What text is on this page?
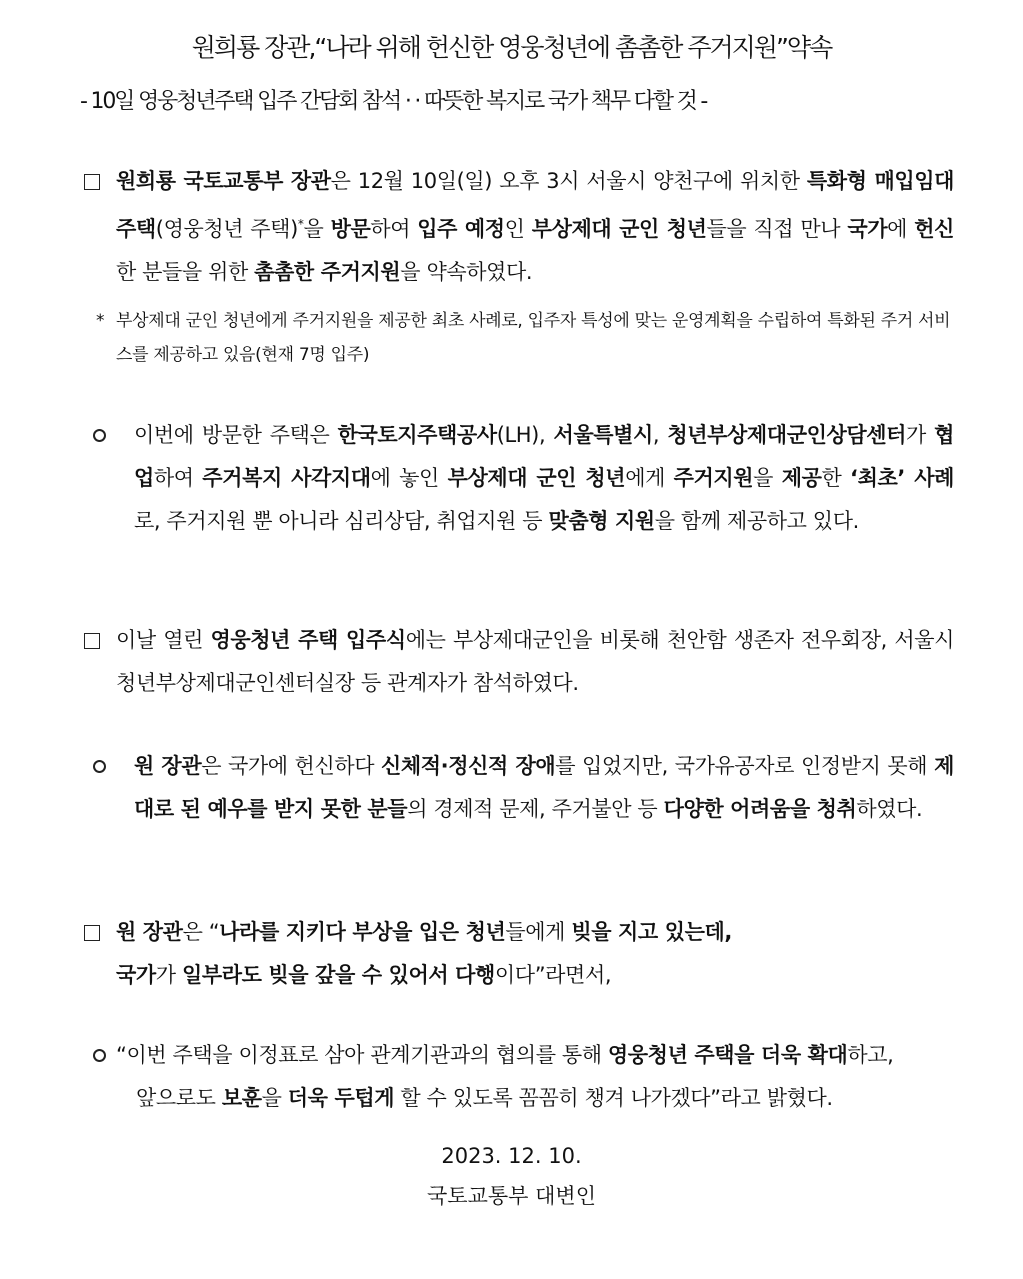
원희룡 장관,“나라 위해 헌신한 영웅청년에 촘촘한 주거지원”약속

- 10일 영웅청년주택 입주 간담회 참석 · · 따뜻한 복지로 국가 책무 다할 것 -

원희룡 국토교통부 장관은 12월 10일(일) 오후 3시 서울시 양천구에 위치한 특화형 매입임대주택(영웅청년 주택)*을 방문하여 입주 예정인 부상제대 군인 청년들을 직접 만나 국가에 헌신한 분들을 위한 촘촘한 주거지원을 약속하였다.

* 부상제대 군인 청년에게 주거지원을 제공한 최초 사례로, 입주자 특성에 맞는 운영계획을 수립하여 특화된 주거 서비스를 제공하고 있음(현재 7명 입주)

이번에 방문한 주택은 한국토지주택공사(LH), 서울특별시, 청년부상제대군인상담센터가 협업하여 주거복지 사각지대에 놓인 부상제대 군인 청년에게 주거지원을 제공한 ‘최초’ 사례로, 주거지원 뿐 아니라 심리상담, 취업지원 등 맞춤형 지원을 함께 제공하고 있다.

이날 열린 영웅청년 주택 입주식에는 부상제대군인을 비롯해 천안함 생존자 전우회장, 서울시 청년부상제대군인센터실장 등 관계자가 참석하였다.

원 장관은 국가에 헌신하다 신체적·정신적 장애를 입었지만, 국가유공자로 인정받지 못해 제대로 된 예우를 받지 못한 분들의 경제적 문제, 주거불안 등 다양한 어려움을 청취하였다.

원 장관은 “나라를 지키다 부상을 입은 청년들에게 빚을 지고 있는데,
국가가 일부라도 빚을 갚을 수 있어서 다행이다”라면서,

“이번 주택을 이정표로 삼아 관계기관과의 협의를 통해 영웅청년 주택을 더욱 확대하고,
앞으로도 보훈을 더욱 두텁게 할 수 있도록 꼼꼼히 챙겨 나가겠다”라고 밝혔다.

2023. 12. 10.

국토교통부 대변인
